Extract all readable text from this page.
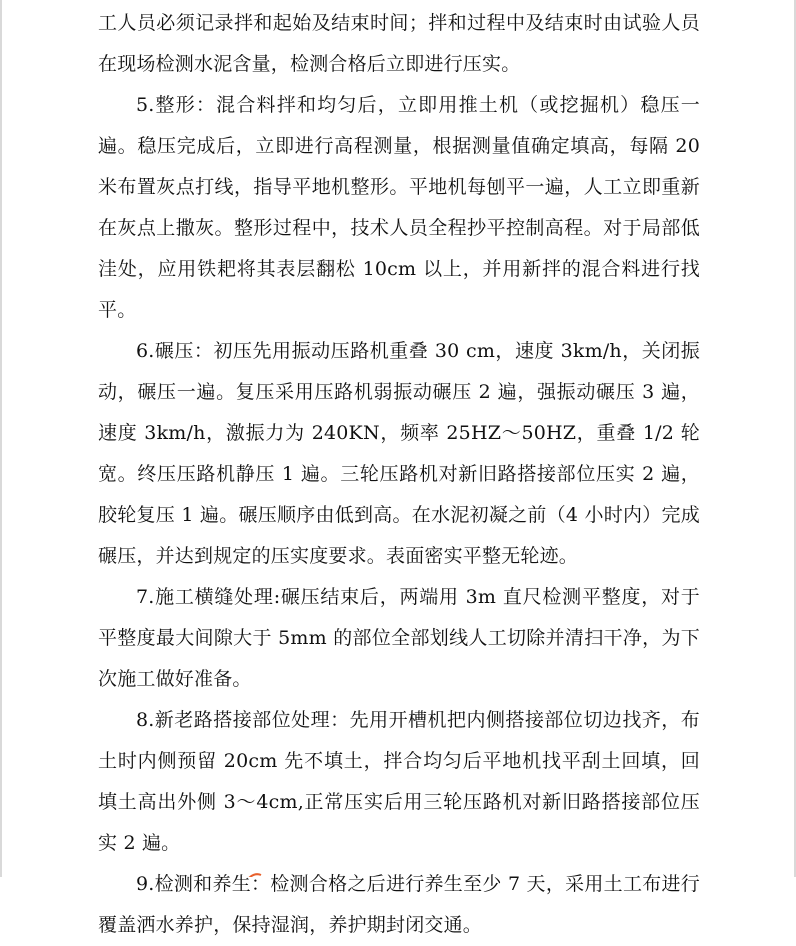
工人员必须记录拌和起始及结束时间；拌和过程中及结束时由试验人员在现场检测水泥含量，检测合格后立即进行压实。

5.整形：混合料拌和均匀后，立即用推土机（或挖掘机）稳压一遍。稳压完成后，立即进行高程测量，根据测量值确定填高，每隔 20 米布置灰点打线，指导平地机整形。平地机每刨平一遍，人工立即重新在灰点上撒灰。整形过程中，技术人员全程抄平控制高程。对于局部低洼处，应用铁耙将其表层翻松 10cm 以上，并用新拌的混合料进行找平。

6.碾压：初压先用振动压路机重叠 30 cm，速度 3km/h，关闭振动，碾压一遍。复压采用压路机弱振动碾压 2 遍，强振动碾压 3 遍，速度 3km/h，激振力为 240KN，频率 25HZ～50HZ，重叠 1/2 轮宽。终压压路机静压 1 遍。三轮压路机对新旧路搭接部位压实 2 遍，胶轮复压 1 遍。碾压顺序由低到高。在水泥初凝之前（4 小时内）完成碾压，并达到规定的压实度要求。表面密实平整无轮迹。

7.施工横缝处理:碾压结束后，两端用 3m 直尺检测平整度，对于平整度最大间隙大于 5mm 的部位全部划线人工切除并清扫干净，为下次施工做好准备。

8.新老路搭接部位处理：先用开槽机把内侧搭接部位切边找齐，布土时内侧预留 20cm 先不填土，拌合均匀后平地机找平刮土回填，回填土高出外侧 3～4cm,正常压实后用三轮压路机对新旧路搭接部位压实 2 遍。

9.检测和养生：检测合格之后进行养生至少 7 天，采用土工布进行覆盖洒水养护，保持湿润，养护期封闭交通。
